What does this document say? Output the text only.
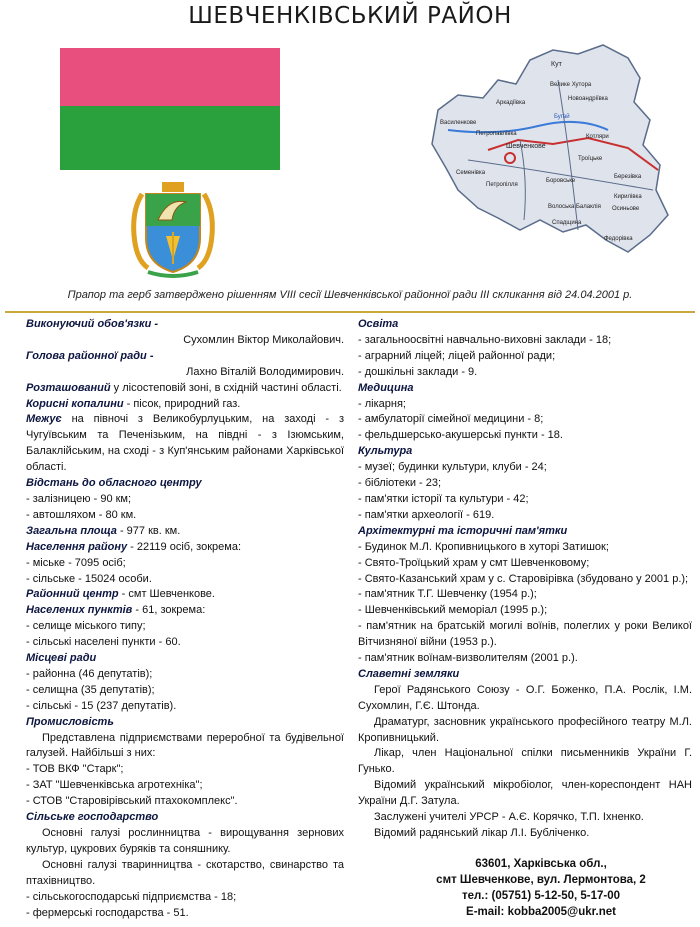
ШЕВЧЕНКІВСЬКИЙ РАЙОН
Кут
Велике Хутора
Аркадіївка
Новоандріївка
Василенкове
Петропавлівка
Шевченкове
Котляри
Семенівка
Троїцьке
Петропілля
Боровське
Березівка
Волоська Балаклія
Спадщина
Федорівка
Кирилівка
Бугай
Осиньове
Прапор та герб затверджено рішенням VIII сесії Шевченківської районної ради III скликання від 24.04.2001 р.
Виконуючий обов'язки -
Сухомлин Віктор Миколайович.
Голова районної ради -
Лахно Віталій Володимирович.
Розташований у лісостеповій зоні, в східній частині області.
Корисні копалини - пісок, природний газ.
Межує на півночі з Великобурлуцьким, на заході - з Чугуївським та Печенізьким, на півдні - з Ізюмським, Балаклійським, на сході - з Куп'янським районами Харківської області.
Відстань до обласного центру
- залізницею - 90 км;
- автошляхом - 80 км.
Загальна площа - 977 кв. км.
Населення району - 22119 осіб, зокрема:
- міське - 7095 осіб;
- сільське - 15024 особи.
Районний центр - смт Шевченкове.
Населених пунктів - 61, зокрема:
- селище міського типу;
- сільські населені пункти - 60.
Місцеві ради
- районна (46 депутатів);
- селищна (35 депутатів);
- сільські - 15 (237 депутатів).
Промисловість
Представлена підприємствами переробної та будівельної галузей. Найбільші з них:
- ТОВ ВКФ "Старк";
- ЗАТ "Шевченківська агротехніка";
- СТОВ "Старовірівський птахокомплекс".
Сільське господарство
Основні галузі рослинництва - вирощування зернових культур, цукрових буряків та соняшнику.
Основні галузі тваринництва - скотарство, свинарство та птахівництво.
- сільськогосподарські підприємства - 18;
- фермерські господарства - 51.
Освіта
- загальноосвітні навчально-виховні заклади - 18;
- аграрний ліцей; ліцей районної ради;
- дошкільні заклади - 9.
Медицина
- лікарня;
- амбулаторії сімейної медицини - 8;
- фельдшерсько-акушерські пункти - 18.
Культура
- музеї; будинки культури, клуби - 24;
- бібліотеки - 23;
- пам'ятки історії та культури - 42;
- пам'ятки археології - 619.
Архітектурні та історичні пам'ятки
- Будинок М.Л. Кропивницького в хуторі Затишок;
- Свято-Троїцький храм у смт Шевченковому;
- Свято-Казанський храм у с. Старовірівка (збудовано у 2001 р.);
- пам'ятник Т.Г. Шевченку (1954 р.);
- Шевченківський меморіал (1995 р.);
- пам'ятник на братській могилі воїнів, полеглих у роки Великої Вітчизняної війни (1953 р.).
- пам'ятник воїнам-визволителям (2001 р.).
Славетні земляки
Герої Радянського Союзу - О.Г. Боженко, П.А. Рослік, І.М. Сухомлин, Г.Є. Штонда.
Драматург, засновник українського професійного театру М.Л. Кропивницький.
Лікар, член Національної спілки письменників України Г. Гунько.
Відомий український мікробіолог, член-кореспондент НАН України Д.Г. Затула.
Заслужені учителі УРСР - А.Є. Корячко, Т.П. Іхненко.
Відомий радянський лікар Л.І. Бубліченко.
63601, Харківська обл.,
смт Шевченкове, вул. Лермонтова, 2
тел.: (05751) 5-12-50, 5-17-00
E-mail: kobba2005@ukr.net
